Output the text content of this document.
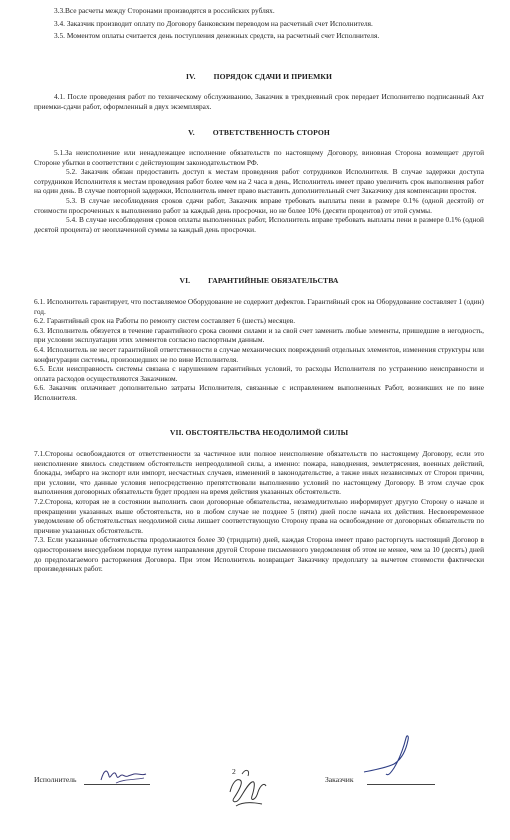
3.3.Все расчеты между Сторонами производятся в российских рублях.

3.4. Заказчик производит оплату по Договору банковским переводом на расчетный счет Исполнителя.

3.5. Моментом оплаты считается день поступления денежных средств, на расчетный счет Исполнителя.

IV. ПОРЯДОК СДАЧИ И ПРИЕМКИ

4.1. После проведения работ по техническому обслуживанию, Заказчик в трехдневный срок передает Исполнителю подписанный Акт приемки-сдачи работ, оформленный в двух экземплярах.

V. ОТВЕТСТВЕННОСТЬ СТОРОН

5.1.За неисполнение или ненадлежащее исполнение обязательств по настоящему Договору, виновная Сторона возмещает другой Стороне убытки в соответствии с действующим законодательством РФ.

5.2. Заказчик обязан предоставить доступ к местам проведения работ сотрудников Исполнителя. В случае задержки доступа сотрудников Исполнителя к местам проведения работ более чем на 2 часа в день, Исполнитель имеет право увеличить срок выполнения работ на один день. В случае повторной задержки, Исполнитель имеет право выставить дополнительный счет Заказчику для компенсации простоя.

5.3. В случае несоблюдения сроков сдачи работ, Заказчик вправе требовать выплаты пени в размере 0.1% (одной десятой) от стоимости просроченных к выполнению работ за каждый день просрочки, но не более 10% (десяти процентов) от этой суммы.

5.4. В случае несоблюдения сроков оплаты выполненных работ, Исполнитель вправе требовать выплаты пени в размере 0.1% (одной десятой процента) от неоплаченной суммы за каждый день просрочки.

VI. ГАРАНТИЙНЫЕ ОБЯЗАТЕЛЬСТВА

6.1. Исполнитель гарантирует, что поставляемое Оборудование не содержит дефектов. Гарантийный срок на Оборудование составляет 1 (один) год.

6.2. Гарантийный срок на Работы по ремонту систем составляет 6 (шесть) месяцев.

6.3. Исполнитель обязуется в течение гарантийного срока своими силами и за свой счет заменить любые элементы, пришедшие в негодность, при условии эксплуатации этих элементов согласно паспортным данным.

6.4. Исполнитель не несет гарантийной ответственности в случае механических повреждений отдельных элементов, изменения структуры или конфигурации системы, произошедших не по вине Исполнителя.

6.5. Если неисправность системы связана с нарушением гарантийных условий, то расходы Исполнителя по устранению неисправности и оплата расходов осуществляются Заказчиком.

6.6. Заказчик оплачивает дополнительно затраты Исполнителя, связанные с исправлением выполненных Работ, возникших не по вине Исполнителя.

VII. ОБСТОЯТЕЛЬСТВА НЕОДОЛИМОЙ СИЛЫ

7.1.Стороны освобождаются от ответственности за частичное или полное неисполнение обязательств по настоящему Договору, если это неисполнение явилось следствием обстоятельств непреодолимой силы, а именно: пожара, наводнения, землетрясения, военных действий, блокады, эмбарго на экспорт или импорт, несчастных случаев, изменений в законодательстве, а также иных независимых от Сторон причин, при условии, что данные условия непосредственно препятствовали выполнению условий по настоящему Договору. В этом случае срок выполнения договорных обязательств будет продлен на время действия указанных обстоятельств.

7.2.Сторона, которая не в состоянии выполнить свои договорные обязательства, незамедлительно информирует другую Сторону о начале и прекращении указанных выше обстоятельств, но в любом случае не позднее 5 (пяти) дней после начала их действия. Несвоевременное уведомление об обстоятельствах неодолимой силы лишает соответствующую Сторону права на освобождение от договорных обязательств по причине указанных обстоятельств.

7.3. Если указанные обстоятельства продолжаются более 30 (тридцати) дней, каждая Сторона имеет право расторгнуть настоящий Договор в одностороннем внесудебном порядке путем направления другой Стороне письменного уведомления об этом не менее, чем за 10 (десять) дней до предполагаемого расторжения Договора. При этом Исполнитель возвращает Заказчику предоплату за вычетом стоимости фактически произведенных работ.

Исполнитель
2
Заказчик
